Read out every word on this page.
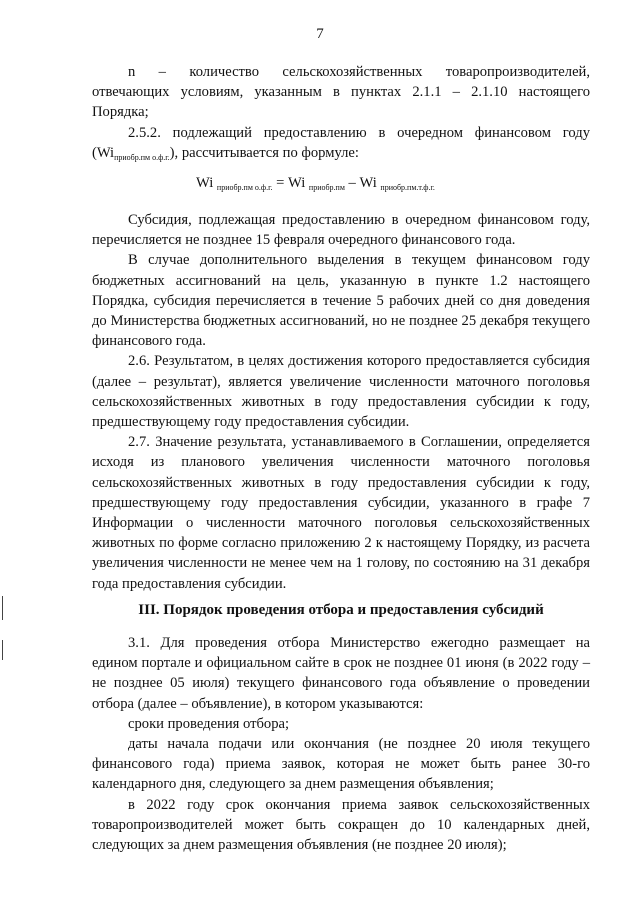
7

n – количество сельскохозяйственных товаропроизводителей, отвечающих условиям, указанным в пунктах 2.1.1 – 2.1.10 настоящего Порядка;

2.5.2. подлежащий предоставлению в очередном финансовом году $(Wi_{приобр.пм о.ф.г.})$, рассчитывается по формуле:

Wi $_{приобр.пм о.ф.г.}$ = Wi $_{приобр.пм}$ – Wi $_{приобр.пм.т.ф.г.}$

Субсидия, подлежащая предоставлению в очередном финансовом году, перечисляется не позднее 15 февраля очередного финансового года.

В случае дополнительного выделения в текущем финансовом году бюджетных ассигнований на цель, указанную в пункте 1.2 настоящего Порядка, субсидия перечисляется в течение 5 рабочих дней со дня доведения до Министерства бюджетных ассигнований, но не позднее 25 декабря текущего финансового года.

2.6. Результатом, в целях достижения которого предоставляется субсидия (далее – результат), является увеличение численности маточного поголовья сельскохозяйственных животных в году предоставления субсидии к году, предшествующему году предоставления субсидии.

2.7. Значение результата, устанавливаемого в Соглашении, определяется исходя из планового увеличения численности маточного поголовья сельскохозяйственных животных в году предоставления субсидии к году, предшествующему году предоставления субсидии, указанного в графе 7 Информации о численности маточного поголовья сельскохозяйственных животных по форме согласно приложению 2 к настоящему Порядку, из расчета увеличения численности не менее чем на 1 голову, по состоянию на 31 декабря года предоставления субсидии.

III. Порядок проведения отбора и предоставления субсидий

3.1. Для проведения отбора Министерство ежегодно размещает на едином портале и официальном сайте в срок не позднее 01 июня (в 2022 году – не позднее 05 июля) текущего финансового года объявление о проведении отбора (далее – объявление), в котором указываются:

сроки проведения отбора;

даты начала подачи или окончания (не позднее 20 июля текущего финансового года) приема заявок, которая не может быть ранее 30-го календарного дня, следующего за днем размещения объявления;

в 2022 году срок окончания приема заявок сельскохозяйственных товаропроизводителей может быть сокращен до 10 календарных дней, следующих за днем размещения объявления (не позднее 20 июля);
